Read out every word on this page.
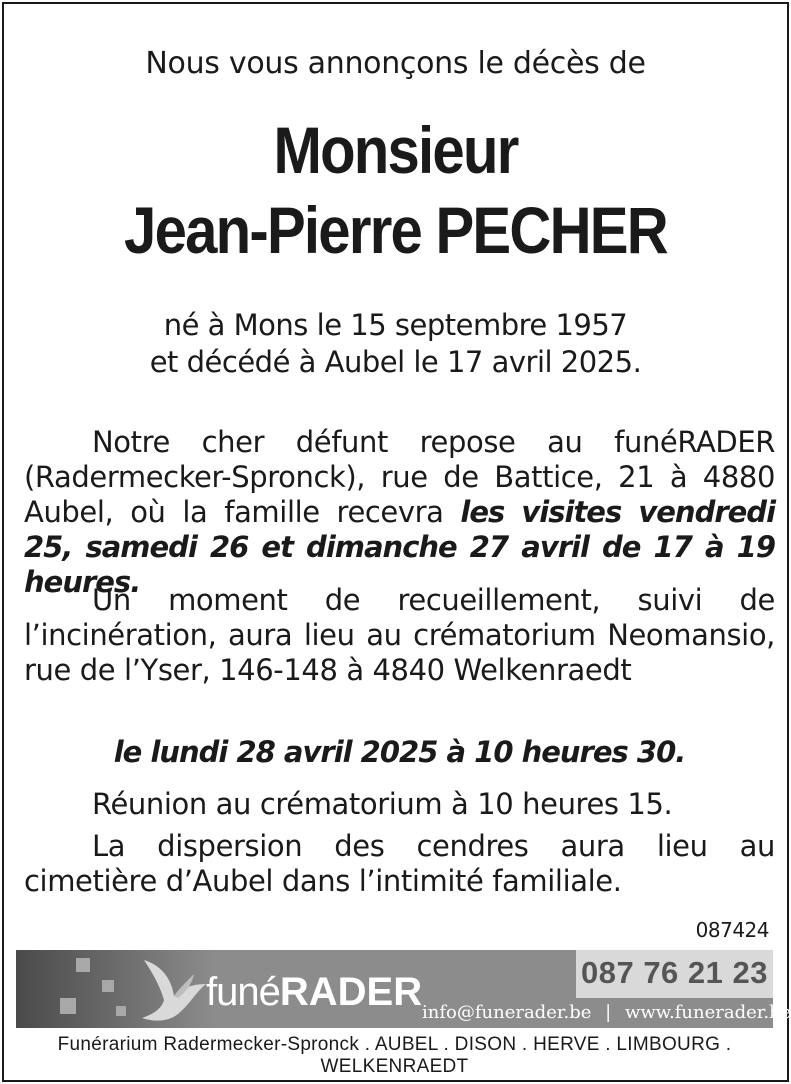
Nous vous annonçons le décès de
Monsieur
Jean-Pierre PECHER
né à Mons le 15 septembre 1957
et décédé à Aubel le 17 avril 2025.
Notre cher défunt repose au funéRADER (Radermecker-Spronck), rue de Battice, 21 à 4880 Aubel, où la famille recevra les visites vendredi 25, samedi 26 et dimanche 27 avril de 17 à 19 heures.
Un moment de recueillement, suivi de l’incinération, aura lieu au crématorium Neomansio, rue de l’Yser, 146-148 à 4840 Welkenraedt
le lundi 28 avril 2025 à 10 heures 30.
Réunion au crématorium à 10 heures 15.
La dispersion des cendres aura lieu au cimetière d’Aubel dans l’intimité familiale.
087424
funéRADER	087 76 21 23
info@funerader.be | www.funerader.be
Funérarium Radermecker-Spronck . AUBEL . DISON . HERVE . LIMBOURG . WELKENRAEDT
